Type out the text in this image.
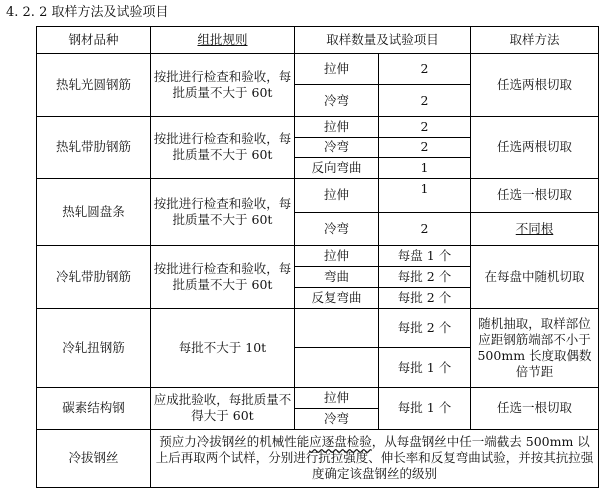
4. 2. 2 取样方法及试验项目
钢材品种	组批规则	取样数量及试验项目		取样方法
热轧光圆钢筋	按批进行检查和验收，每批质量不大于 60t	拉伸	2	任选两根切取
		冷弯	2	
热轧带肋钢筋	按批进行检查和验收，每批质量不大于 60t	拉伸	2	任选两根切取
		冷弯	2	
		反向弯曲	1	
热轧圆盘条	按批进行检查和验收，每批质量不大于 60t	拉伸	1	任选一根切取
		冷弯	2	不同根
冷轧带肋钢筋	按批进行检查和验收，每批质量不大于 60t	拉伸	每盘 1 个	在每盘中随机切取
		弯曲	每批 2 个	
		反复弯曲	每批 2 个	
冷轧扭钢筋	每批不大于 10t		每批 2 个	随机抽取，取样部位应距钢筋端部不小于 500mm 长度取偶数倍节距
			每批 1 个	
碳素结构钢	应成批验收，每批质量不得大于 60t	拉伸	每批 1 个	任选一根切取
		冷弯		
冷拔钢丝	预应力冷拔钢丝的机械性能应逐盘检验，从每盘钢丝中任一端截去 500mm 以上后再取两个试样，分别进行抗拉强度、伸长率和反复弯曲试验，并按其抗拉强度确定该盘钢丝的级别			
